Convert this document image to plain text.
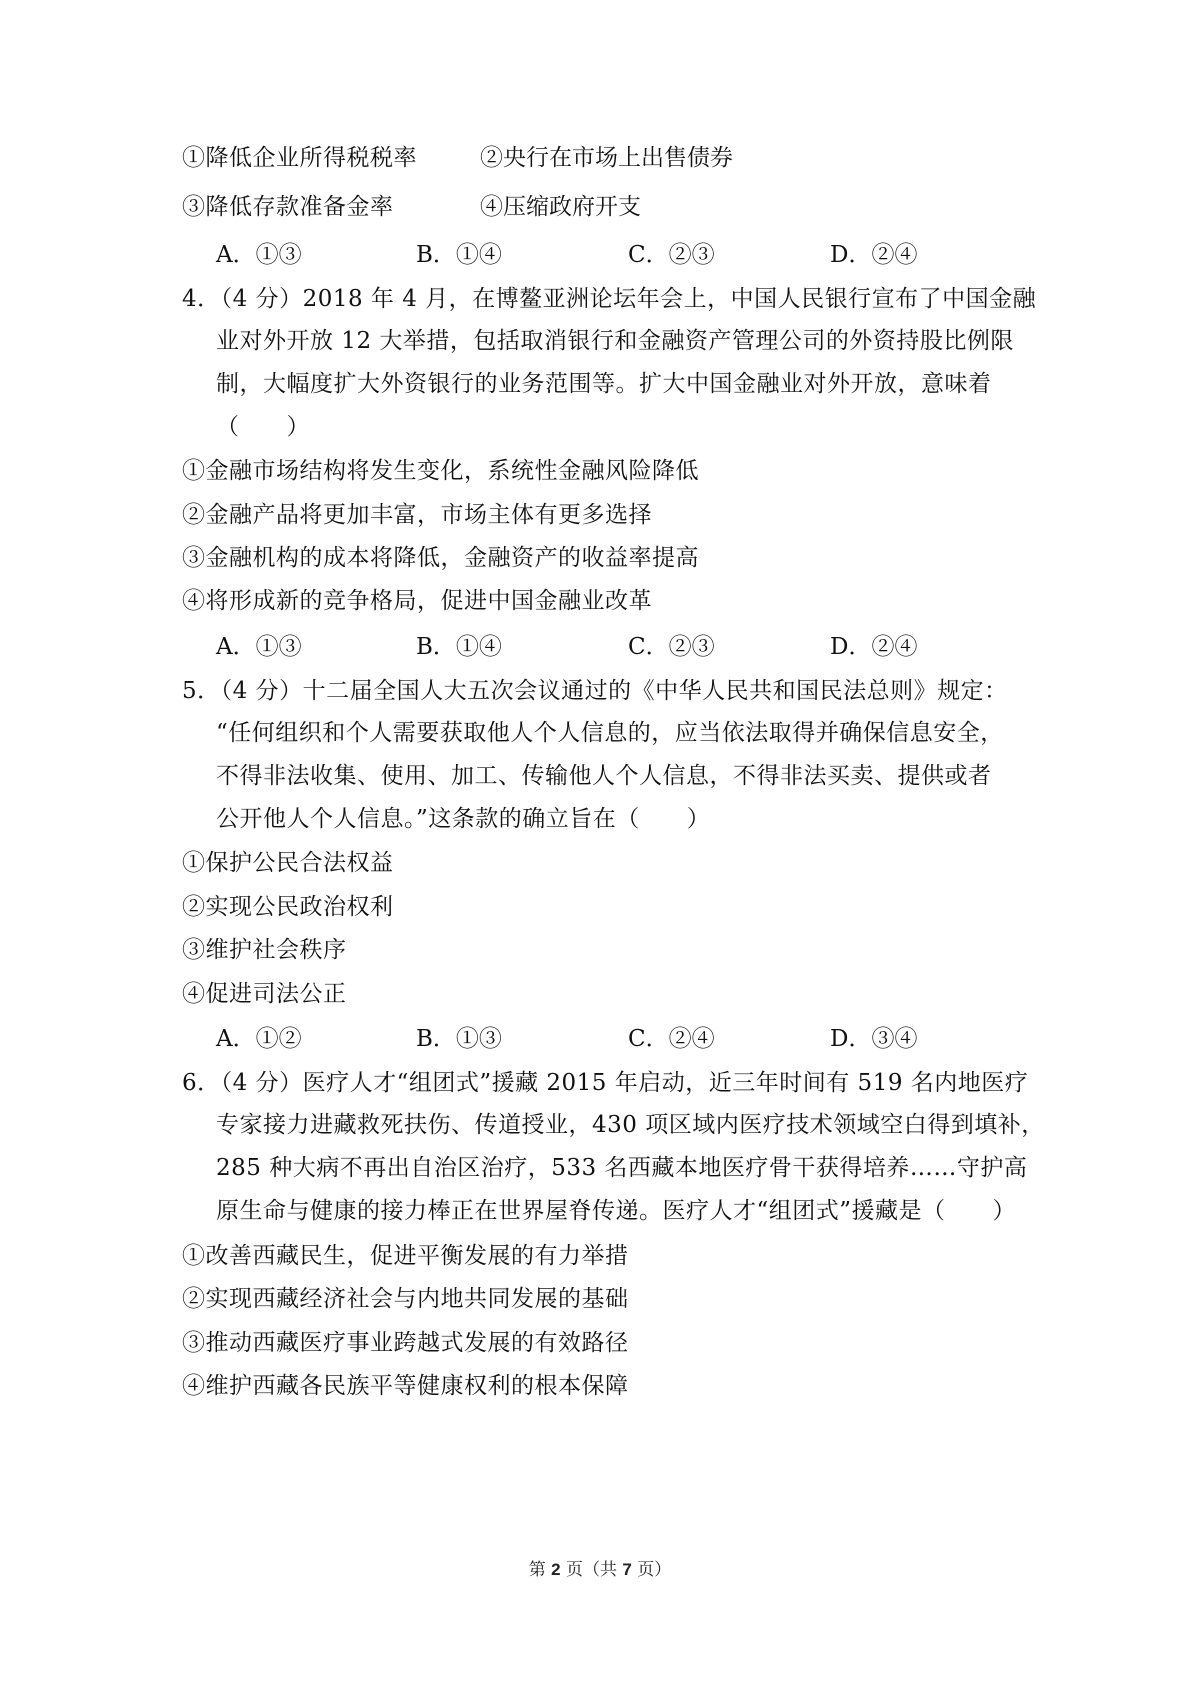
①降低企业所得税税率	②央行在市场上出售债券
③降低存款准备金率	④压缩政府开支
A．①③	B．①④	C．②③	D．②④
4．（4 分）2018 年 4 月，在博鳌亚洲论坛年会上，中国人民银行宣布了中国金融
业对外开放 12 大举措，包括取消银行和金融资产管理公司的外资持股比例限
制，大幅度扩大外资银行的业务范围等。扩大中国金融业对外开放，意味着
（　　）
①金融市场结构将发生变化，系统性金融风险降低
②金融产品将更加丰富，市场主体有更多选择
③金融机构的成本将降低，金融资产的收益率提高
④将形成新的竞争格局，促进中国金融业改革
A．①③	B．①④	C．②③	D．②④
5．（4 分）十二届全国人大五次会议通过的《中华人民共和国民法总则》规定：
“任何组织和个人需要获取他人个人信息的，应当依法取得并确保信息安全，
不得非法收集、使用、加工、传输他人个人信息，不得非法买卖、提供或者
公开他人个人信息。”这条款的确立旨在（　　）
①保护公民合法权益
②实现公民政治权利
③维护社会秩序
④促进司法公正
A．①②	B．①③	C．②④	D．③④
6．（4 分）医疗人才“组团式”援藏 2015 年启动，近三年时间有 519 名内地医疗
专家接力进藏救死扶伤、传道授业，430 项区域内医疗技术领域空白得到填补，
285 种大病不再出自治区治疗，533 名西藏本地医疗骨干获得培养……守护高
原生命与健康的接力棒正在世界屋脊传递。医疗人才“组团式”援藏是（　　）
①改善西藏民生，促进平衡发展的有力举措
②实现西藏经济社会与内地共同发展的基础
③推动西藏医疗事业跨越式发展的有效路径
④维护西藏各民族平等健康权利的根本保障
第 2 页（共 7 页）
